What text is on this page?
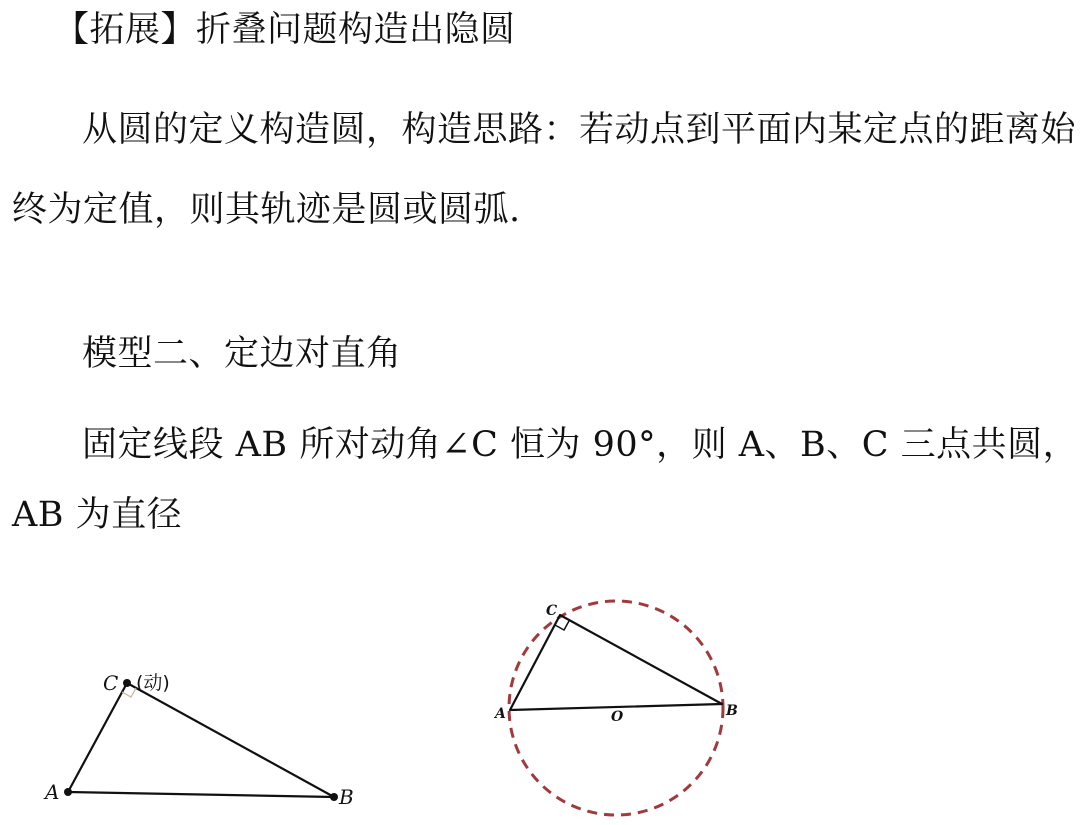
【拓展】折叠问题构造出隐圆
从圆的定义构造圆，构造思路：若动点到平面内某定点的距离始
终为定值，则其轨迹是圆或圆弧.
模型二、定边对直角
固定线段 AB 所对动角∠C 恒为 90°，则 A、B、C 三点共圆，
AB 为直径
C (动)
A	B
C
A	B
O
